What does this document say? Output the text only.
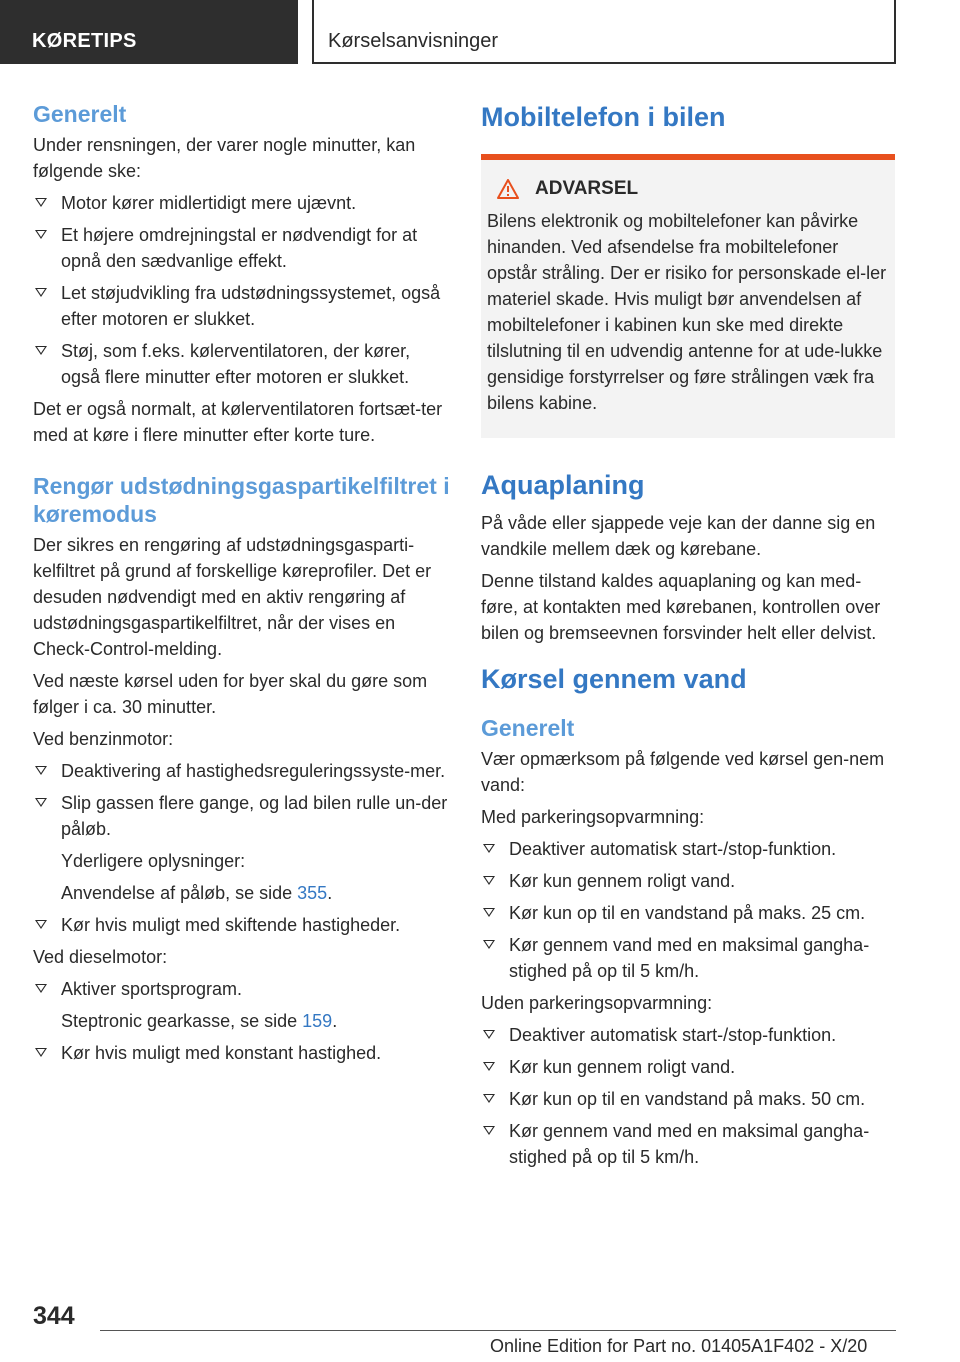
KØRETIPS	Kørselsanvisninger
Generelt

Under rensningen, der varer nogle minutter, kan følgende ske:

Motor kører midlertidigt mere ujævnt.
Et højere omdrejningstal er nødvendigt for at opnå den sædvanlige effekt.
Let støjudvikling fra udstødningssystemet, også efter motoren er slukket.
Støj, som f.eks. kølerventilatoren, der kører, også flere minutter efter motoren er slukket.

Det er også normalt, at kølerventilatoren fortsæt-ter med at køre i flere minutter efter korte ture.

Rengør udstødningsgaspartikelfiltret i køremodus

Der sikres en rengøring af udstødningsgasparti-kelfiltret på grund af forskellige køreprofiler. Det er desuden nødvendigt med en aktiv rengøring af udstødningsgaspartikelfiltret, når der vises en Check-Control-melding.

Ved næste kørsel uden for byer skal du gøre som følger i ca. 30 minutter.

Ved benzinmotor:

Deaktivering af hastighedsreguleringssyste-mer.
Slip gassen flere gange, og lad bilen rulle un-der påløb.

Yderligere oplysninger:

Anvendelse af påløb, se side 355.

Kør hvis muligt med skiftende hastigheder.

Ved dieselmotor:

Aktiver sportsprogram.

Steptronic gearkasse, se side 159.

Kør hvis muligt med konstant hastighed.
Mobiltelefon i bilen
ADVARSEL

Bilens elektronik og mobiltelefoner kan påvirke hinanden. Ved afsendelse fra mobiltelefoner opstår stråling. Der er risiko for personskade el-ler materiel skade. Hvis muligt bør anvendelsen af mobiltelefoner i kabinen kun ske med direkte tilslutning til en udvendig antenne for at ude-lukke gensidige forstyrrelser og føre strålingen væk fra bilens kabine.

Aquaplaning

På våde eller sjappede veje kan der danne sig en vandkile mellem dæk og kørebane.

Denne tilstand kaldes aquaplaning og kan med-føre, at kontakten med kørebanen, kontrollen over bilen og bremseevnen forsvinder helt eller delvist.

Kørsel gennem vand
Generelt

Vær opmærksom på følgende ved kørsel gen-nem vand:

Med parkeringsopvarmning:

Deaktiver automatisk start-/stop-funktion.
Kør kun gennem roligt vand.
Kør kun op til en vandstand på maks. 25 cm.
Kør gennem vand med en maksimal gangha-stighed på op til 5 km/h.

Uden parkeringsopvarmning:

Deaktiver automatisk start-/stop-funktion.
Kør kun gennem roligt vand.
Kør kun op til en vandstand på maks. 50 cm.
Kør gennem vand med en maksimal gangha-stighed på op til 5 km/h.
344
Online Edition for Part no. 01405A1F402 - X/20
